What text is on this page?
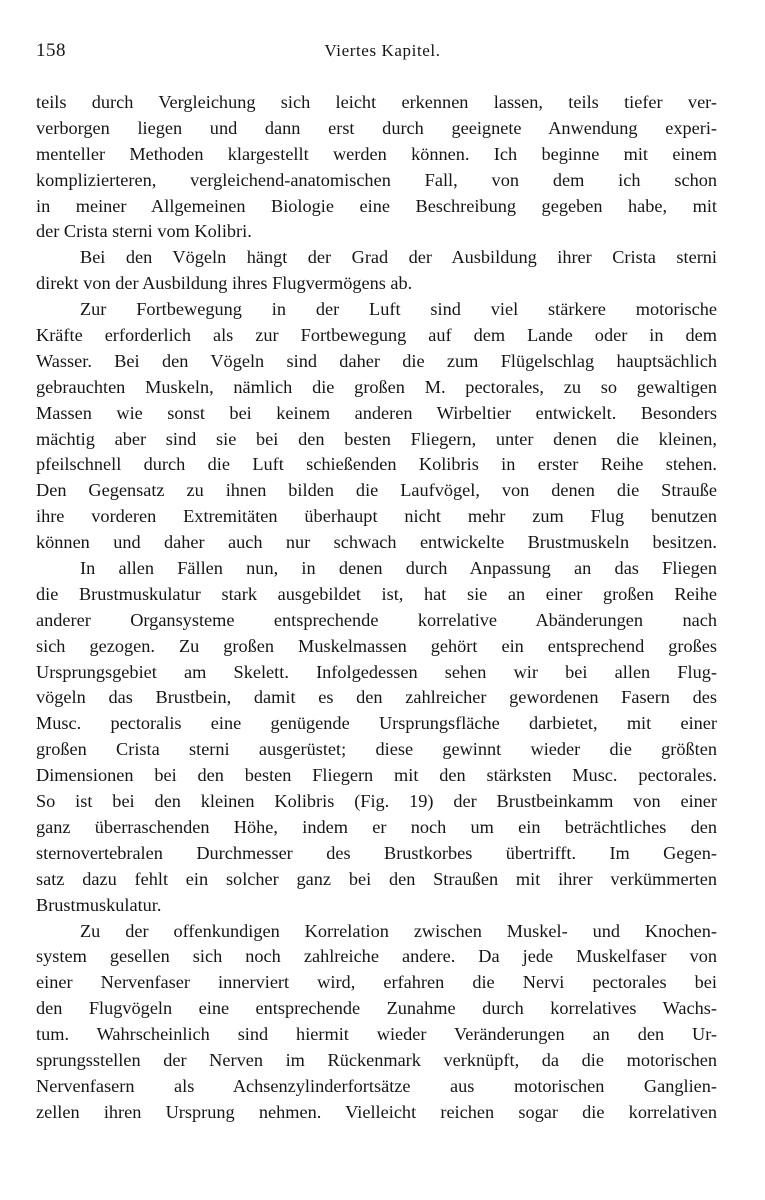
158	Viertes Kapitel.
teils durch Vergleichung sich leicht erkennen lassen, teils tiefer ver-
verborgen liegen und dann erst durch geeignete Anwendung experi-
menteller Methoden klargestellt werden können. Ich beginne mit einem
komplizierteren, vergleichend-anatomischen Fall, von dem ich schon
in meiner Allgemeinen Biologie eine Beschreibung gegeben habe, mit
der Crista sterni vom Kolibri.
Bei den Vögeln hängt der Grad der Ausbildung ihrer Crista sterni
direkt von der Ausbildung ihres Flugvermögens ab.
Zur Fortbewegung in der Luft sind viel stärkere motorische
Kräfte erforderlich als zur Fortbewegung auf dem Lande oder in dem
Wasser. Bei den Vögeln sind daher die zum Flügelschlag hauptsächlich
gebrauchten Muskeln, nämlich die großen M. pectorales, zu so gewaltigen
Massen wie sonst bei keinem anderen Wirbeltier entwickelt. Besonders
mächtig aber sind sie bei den besten Fliegern, unter denen die kleinen,
pfeilschnell durch die Luft schießenden Kolibris in erster Reihe stehen.
Den Gegensatz zu ihnen bilden die Laufvögel, von denen die Strauße
ihre vorderen Extremitäten überhaupt nicht mehr zum Flug benutzen
können und daher auch nur schwach entwickelte Brustmuskeln besitzen.
In allen Fällen nun, in denen durch Anpassung an das Fliegen
die Brustmuskulatur stark ausgebildet ist, hat sie an einer großen Reihe
anderer Organsysteme entsprechende korrelative Abänderungen nach
sich gezogen. Zu großen Muskelmassen gehört ein entsprechend großes
Ursprungsgebiet am Skelett. Infolgedessen sehen wir bei allen Flug-
vögeln das Brustbein, damit es den zahlreicher gewordenen Fasern des
Musc. pectoralis eine genügende Ursprungsfläche darbietet, mit einer
großen Crista sterni ausgerüstet; diese gewinnt wieder die größten
Dimensionen bei den besten Fliegern mit den stärksten Musc. pectorales.
So ist bei den kleinen Kolibris (Fig. 19) der Brustbeinkamm von einer
ganz überraschenden Höhe, indem er noch um ein beträchtliches den
sternovertebralen Durchmesser des Brustkorbes übertrifft. Im Gegen-
satz dazu fehlt ein solcher ganz bei den Straußen mit ihrer verkümmerten
Brustmuskulatur.
Zu der offenkundigen Korrelation zwischen Muskel- und Knochen-
system gesellen sich noch zahlreiche andere. Da jede Muskelfaser von
einer Nervenfaser innerviert wird, erfahren die Nervi pectorales bei
den Flugvögeln eine entsprechende Zunahme durch korrelatives Wachs-
tum. Wahrscheinlich sind hiermit wieder Veränderungen an den Ur-
sprungsstellen der Nerven im Rückenmark verknüpft, da die motorischen
Nervenfasern als Achsenzylinderfortsätze aus motorischen Ganglien-
zellen ihren Ursprung nehmen. Vielleicht reichen sogar die korrelativen
